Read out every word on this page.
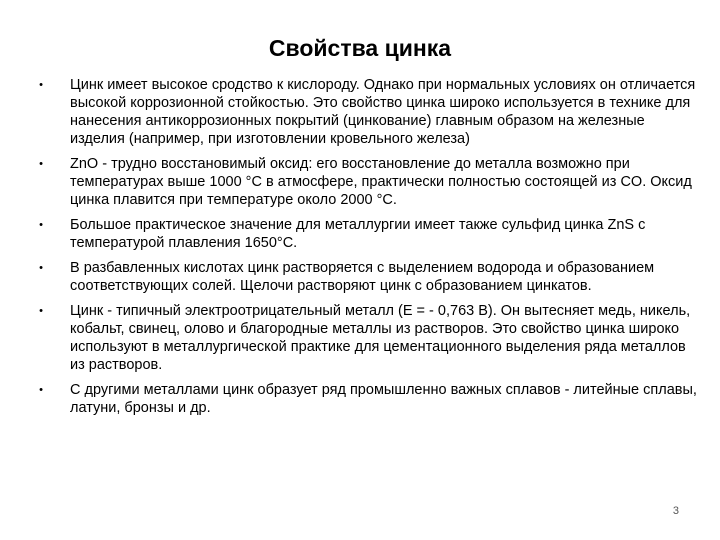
Свойства цинка
• Цинк имеет высокое сродство к кислороду. Однако при нормальных условиях он отличается высокой коррозионной стойкостью. Это свойство цинка широко используется в технике для нанесения антикоррозионных покрытий (цинкование) главным образом на железные изделия (например, при изготовлении кровельного железа)
• ZnO - трудно восстановимый оксид: его восстановление до металла возможно при температурах выше 1000 °C в атмосфере, практически полностью состоящей из CO. Оксид цинка плавится при температуре около 2000 °C.
• Большое практическое значение для металлургии имеет также сульфид цинка ZnS с температурой плавления 1650°C.
• В разбавленных кислотах цинк растворяется с выделением водорода и образованием соответствующих солей. Щелочи растворяют цинк с образованием цинкатов.
• Цинк - типичный электроотрицательный металл (E = - 0,763 В). Он вытесняет медь, никель, кобальт, свинец, олово и благородные металлы из растворов. Это свойство цинка широко используют в металлургической практике для цементационного выделения ряда металлов из растворов.
• С другими металлами цинк образует ряд промышленно важных сплавов - литейные сплавы, латуни, бронзы и др.
3
